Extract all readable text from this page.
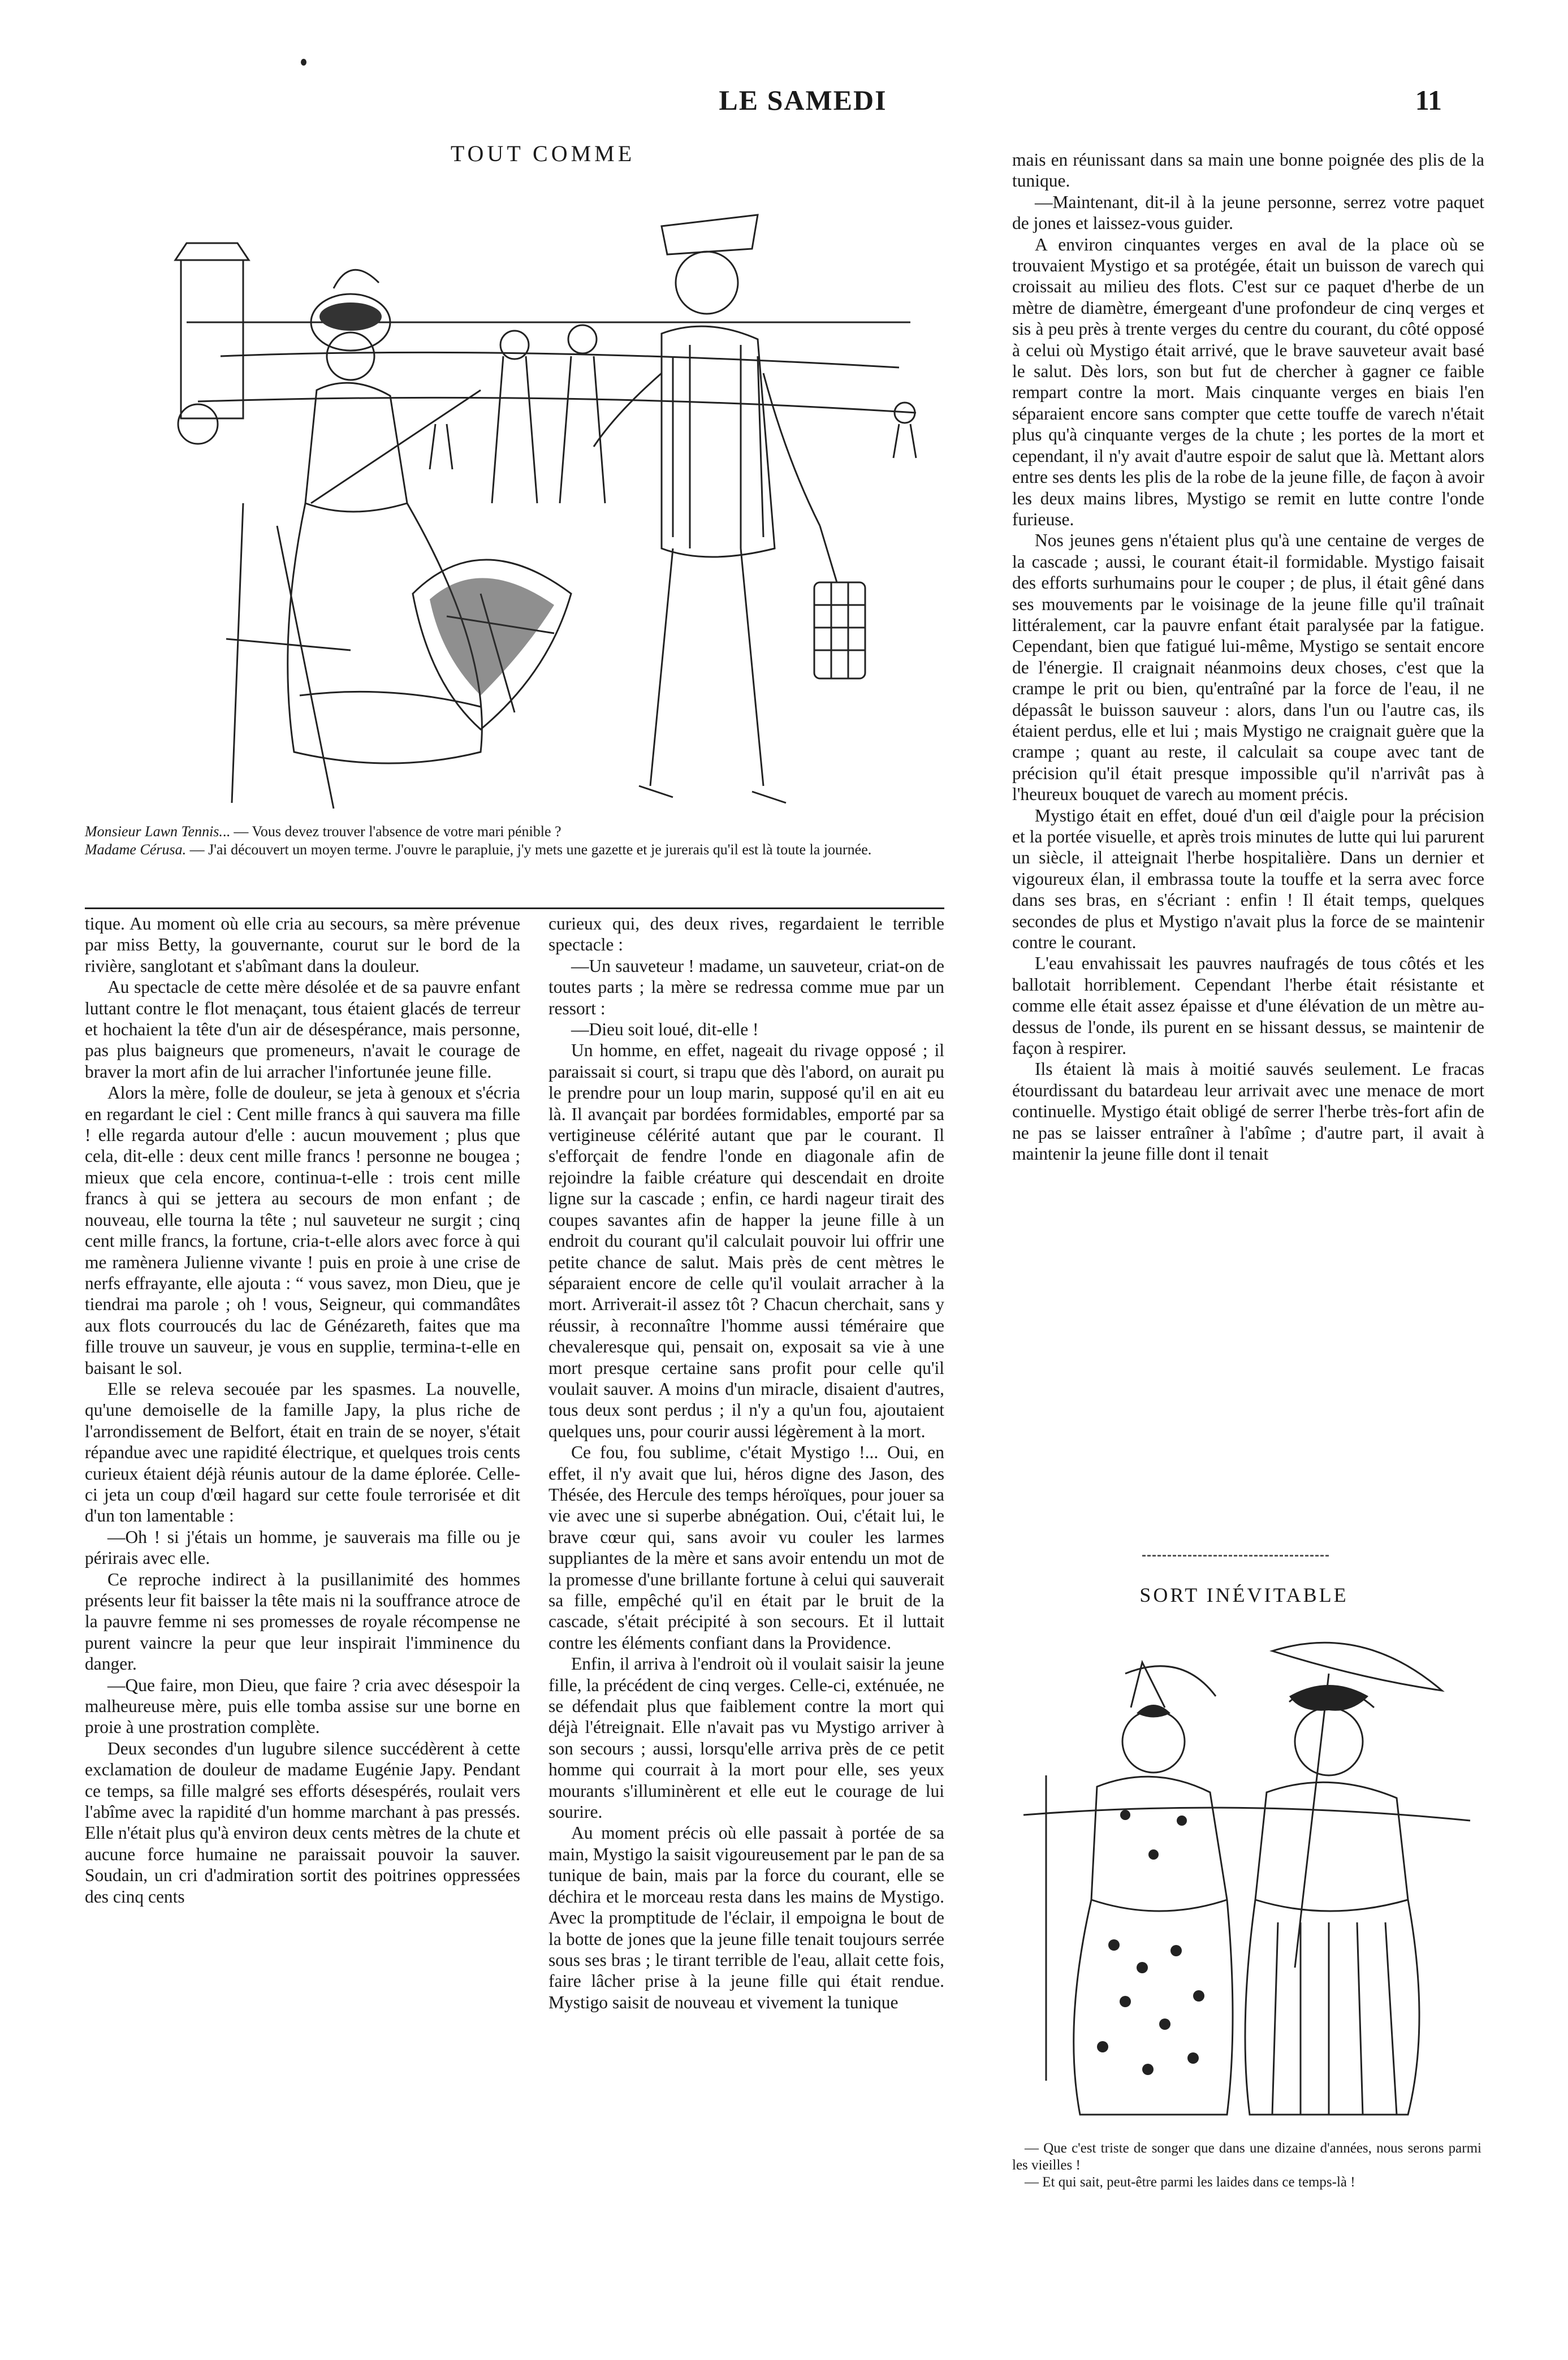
LE SAMEDI	11
TOUT COMME
Monsieur Lawn Tennis... — Vous devez trouver l'absence de votre mari pénible ?
Madame Cérusa. — J'ai découvert un moyen terme. J'ouvre le parapluie, j'y mets une gazette et je jurerais qu'il est là toute la journée.

tique. Au moment où elle cria au secours, sa mère prévenue par miss Betty, la gouvernante, courut sur le bord de la rivière, sanglotant et s'abîmant dans la douleur.

Au spectacle de cette mère désolée et de sa pauvre enfant luttant contre le flot menaçant, tous étaient glacés de terreur et hochaient la tête d'un air de désespérance, mais personne, pas plus baigneurs que promeneurs, n'avait le courage de braver la mort afin de lui arracher l'infortunée jeune fille.

Alors la mère, folle de douleur, se jeta à genoux et s'écria en regardant le ciel : Cent mille francs à qui sauvera ma fille ! elle regarda autour d'elle : aucun mouvement ; plus que cela, dit-elle : deux cent mille francs ! personne ne bougea ; mieux que cela encore, continua-t-elle : trois cent mille francs à qui se jettera au secours de mon enfant ; de nouveau, elle tourna la tête ; nul sauveteur ne surgit ; cinq cent mille francs, la fortune, cria-t-elle alors avec force à qui me ramènera Julienne vivante ! puis en proie à une crise de nerfs effrayante, elle ajouta : “ vous savez, mon Dieu, que je tiendrai ma parole ; oh ! vous, Seigneur, qui commandâtes aux flots courroucés du lac de Génézareth, faites que ma fille trouve un sauveur, je vous en supplie, termina-t-elle en baisant le sol.

Elle se releva secouée par les spasmes. La nouvelle, qu'une demoiselle de la famille Japy, la plus riche de l'arrondissement de Belfort, était en train de se noyer, s'était répandue avec une rapidité électrique, et quelques trois cents curieux étaient déjà réunis autour de la dame éplorée. Celle-ci jeta un coup d'œil hagard sur cette foule terrorisée et dit d'un ton lamentable :

—Oh ! si j'étais un homme, je sauverais ma fille ou je périrais avec elle.

Ce reproche indirect à la pusillanimité des hommes présents leur fit baisser la tête mais ni la souffrance atroce de la pauvre femme ni ses promesses de royale récompense ne purent vaincre la peur que leur inspirait l'imminence du danger.

—Que faire, mon Dieu, que faire ? cria avec désespoir la malheureuse mère, puis elle tomba assise sur une borne en proie à une prostration complète.

Deux secondes d'un lugubre silence succédèrent à cette exclamation de douleur de madame Eugénie Japy. Pendant ce temps, sa fille malgré ses efforts désespérés, roulait vers l'abîme avec la rapidité d'un homme marchant à pas pressés. Elle n'était plus qu'à environ deux cents mètres de la chute et aucune force humaine ne paraissait pouvoir la sauver. Soudain, un cri d'admiration sortit des poitrines oppressées des cinq cents

curieux qui, des deux rives, regardaient le terrible spectacle :

—Un sauveteur ! madame, un sauveteur, criat-on de toutes parts ; la mère se redressa comme mue par un ressort :

—Dieu soit loué, dit-elle !

Un homme, en effet, nageait du rivage opposé ; il paraissait si court, si trapu que dès l'abord, on aurait pu le prendre pour un loup marin, supposé qu'il en ait eu là. Il avançait par bordées formidables, emporté par sa vertigineuse célérité autant que par le courant. Il s'efforçait de fendre l'onde en diagonale afin de rejoindre la faible créature qui descendait en droite ligne sur la cascade ; enfin, ce hardi nageur tirait des coupes savantes afin de happer la jeune fille à un endroit du courant qu'il calculait pouvoir lui offrir une petite chance de salut. Mais près de cent mètres le séparaient encore de celle qu'il voulait arracher à la mort. Arriverait-il assez tôt ? Chacun cherchait, sans y réussir, à reconnaître l'homme aussi téméraire que chevaleresque qui, pensait on, exposait sa vie à une mort presque certaine sans profit pour celle qu'il voulait sauver. A moins d'un miracle, disaient d'autres, tous deux sont perdus ; il n'y a qu'un fou, ajoutaient quelques uns, pour courir aussi légèrement à la mort.

Ce fou, fou sublime, c'était Mystigo !... Oui, en effet, il n'y avait que lui, héros digne des Jason, des Thésée, des Hercule des temps héroïques, pour jouer sa vie avec une si superbe abnégation. Oui, c'était lui, le brave cœur qui, sans avoir vu couler les larmes suppliantes de la mère et sans avoir entendu un mot de la promesse d'une brillante fortune à celui qui sauverait sa fille, empêché qu'il en était par le bruit de la cascade, s'était précipité à son secours. Et il luttait contre les éléments confiant dans la Providence.

Enfin, il arriva à l'endroit où il voulait saisir la jeune fille, la précédent de cinq verges. Celle-ci, exténuée, ne se défendait plus que faiblement contre la mort qui déjà l'étreignait. Elle n'avait pas vu Mystigo arriver à son secours ; aussi, lorsqu'elle arriva près de ce petit homme qui courrait à la mort pour elle, ses yeux mourants s'illuminèrent et elle eut le courage de lui sourire.

Au moment précis où elle passait à portée de sa main, Mystigo la saisit vigoureusement par le pan de sa tunique de bain, mais par la force du courant, elle se déchira et le morceau resta dans les mains de Mystigo. Avec la promptitude de l'éclair, il empoigna le bout de la botte de jones que la jeune fille tenait toujours serrée sous ses bras ; le tirant terrible de l'eau, allait cette fois, faire lâcher prise à la jeune fille qui était rendue. Mystigo saisit de nouveau et vivement la tunique

mais en réunissant dans sa main une bonne poignée des plis de la tunique.

—Maintenant, dit-il à la jeune personne, serrez votre paquet de jones et laissez-vous guider.

A environ cinquantes verges en aval de la place où se trouvaient Mystigo et sa protégée, était un buisson de varech qui croissait au milieu des flots. C'est sur ce paquet d'herbe de un mètre de diamètre, émergeant d'une profondeur de cinq verges et sis à peu près à trente verges du centre du courant, du côté opposé à celui où Mystigo était arrivé, que le brave sauveteur avait basé le salut. Dès lors, son but fut de chercher à gagner ce faible rempart contre la mort. Mais cinquante verges en biais l'en séparaient encore sans compter que cette touffe de varech n'était plus qu'à cinquante verges de la chute ; les portes de la mort et cependant, il n'y avait d'autre espoir de salut que là. Mettant alors entre ses dents les plis de la robe de la jeune fille, de façon à avoir les deux mains libres, Mystigo se remit en lutte contre l'onde furieuse.

Nos jeunes gens n'étaient plus qu'à une centaine de verges de la cascade ; aussi, le courant était-il formidable. Mystigo faisait des efforts surhumains pour le couper ; de plus, il était gêné dans ses mouvements par le voisinage de la jeune fille qu'il traînait littéralement, car la pauvre enfant était paralysée par la fatigue. Cependant, bien que fatigué lui-même, Mystigo se sentait encore de l'énergie. Il craignait néanmoins deux choses, c'est que la crampe le prit ou bien, qu'entraîné par la force de l'eau, il ne dépassât le buisson sauveur : alors, dans l'un ou l'autre cas, ils étaient perdus, elle et lui ; mais Mystigo ne craignait guère que la crampe ; quant au reste, il calculait sa coupe avec tant de précision qu'il était presque impossible qu'il n'arrivât pas à l'heureux bouquet de varech au moment précis.

Mystigo était en effet, doué d'un œil d'aigle pour la précision et la portée visuelle, et après trois minutes de lutte qui lui parurent un siècle, il atteignait l'herbe hospitalière. Dans un dernier et vigoureux élan, il embrassa toute la touffe et la serra avec force dans ses bras, en s'écriant : enfin ! Il était temps, quelques secondes de plus et Mystigo n'avait plus la force de se maintenir contre le courant.

L'eau envahissait les pauvres naufragés de tous côtés et les ballotait horriblement. Cependant l'herbe était résistante et comme elle était assez épaisse et d'une élévation de un mètre au-dessus de l'onde, ils purent en se hissant dessus, se maintenir de façon à respirer.

Ils étaient là mais à moitié sauvés seulement. Le fracas étourdissant du batardeau leur arrivait avec une menace de mort continuelle. Mystigo était obligé de serrer l'herbe très-fort afin de ne pas se laisser entraîner à l'abîme ; d'autre part, il avait à maintenir la jeune fille dont il tenait

SORT INÉVITABLE

— Que c'est triste de songer que dans une dizaine d'années, nous serons parmi les vieilles !

— Et qui sait, peut-être parmi les laides dans ce temps-là !
